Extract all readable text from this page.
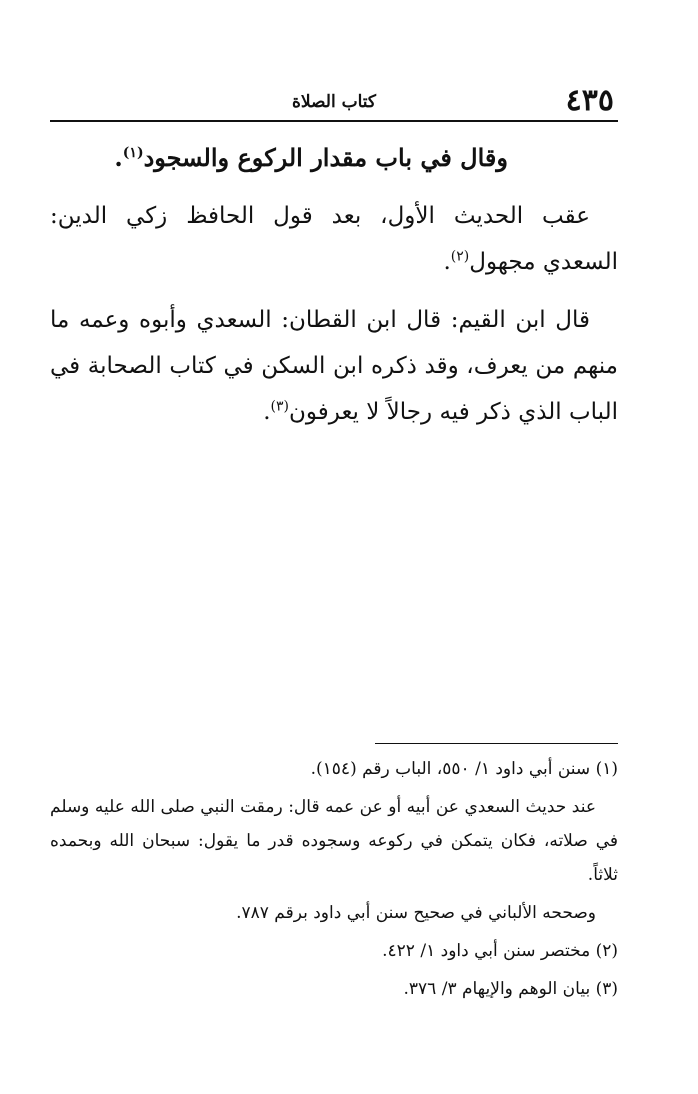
٤٣٥
كتاب الصلاة

وقال في باب مقدار الركوع والسجود$^{(١)}$.

عقب الحديث الأول، بعد قول الحافظ زكي الدين: السعدي مجهول$^{(٢)}$.

قال ابن القيم: قال ابن القطان: السعدي وأبوه وعمه ما منهم من يعرف، وقد ذكره ابن السكن في كتاب الصحابة في الباب الذي ذكر فيه رجالاً لا يعرفون$^{(٣)}$.

(١) سنن أبي داود ١/ ٥٥٠، الباب رقم (١٥٤).

عند حديث السعدي عن أبيه أو عن عمه قال: رمقت النبي صلى الله عليه وسلم في صلاته، فكان يتمكن في ركوعه وسجوده قدر ما يقول: سبحان الله وبحمده ثلاثاً.

وصححه الألباني في صحيح سنن أبي داود برقم ٧٨٧.

(٢) مختصر سنن أبي داود ١/ ٤٢٢.

(٣) بيان الوهم والإيهام ٣/ ٣٧٦.
